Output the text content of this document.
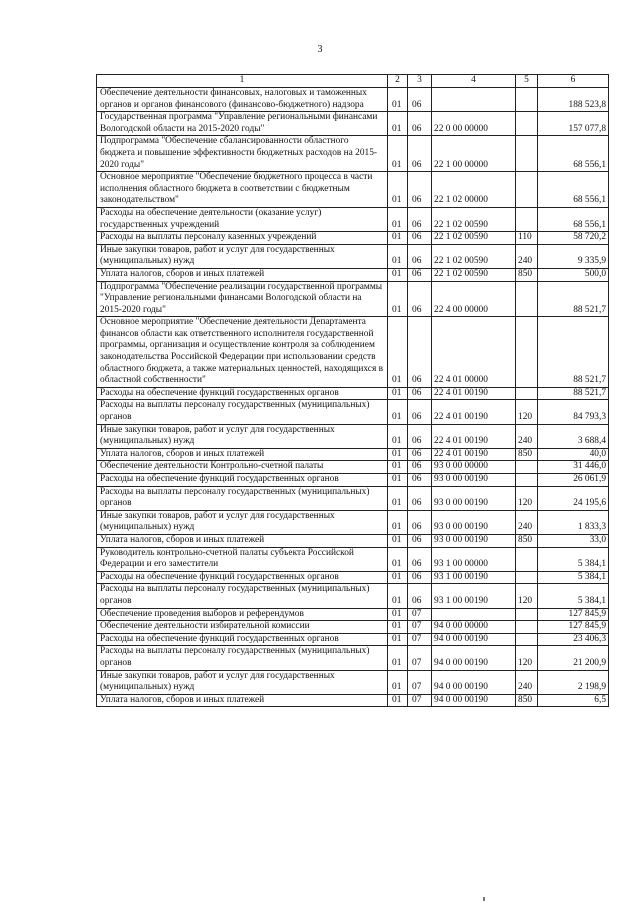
3
1	2	3	4	5	6
Обеспечение деятельности финансовых, налоговых и таможенных органов и органов финансового (финансово-бюджетного) надзора	01	06			188 523,8
Государственная программа "Управление региональными финансами Вологодской области на 2015-2020 годы"	01	06	22 0 00 00000		157 077,8
Подпрограмма "Обеспечение сбалансированности областного бюджета и повышение эффективности бюджетных расходов на 2015-2020 годы"	01	06	22 1 00 00000		68 556,1
Основное мероприятие "Обеспечение бюджетного процесса в части исполнения областного бюджета в соответствии с бюджетным законодательством"	01	06	22 1 02 00000		68 556,1
Расходы на обеспечение деятельности (оказание услуг) государственных учреждений	01	06	22 1 02 00590		68 556,1
Расходы на выплаты персоналу казенных учреждений	01	06	22 1 02 00590	110	58 720,2
Иные закупки товаров, работ и услуг для государственных (муниципальных) нужд	01	06	22 1 02 00590	240	9 335,9
Уплата налогов, сборов и иных платежей	01	06	22 1 02 00590	850	500,0
Подпрограмма "Обеспечение реализации государственной программы "Управление региональными финансами Вологодской области на 2015-2020 годы"	01	06	22 4 00 00000		88 521,7
Основное мероприятие "Обеспечение деятельности Департамента финансов области как ответственного исполнителя государственной программы, организация и осуществление контроля за соблюдением законодательства Российской Федерации при использовании средств областного бюджета, а также материальных ценностей, находящихся в областной собственности"	01	06	22 4 01 00000		88 521,7
Расходы на обеспечение функций государственных органов	01	06	22 4 01 00190		88 521,7
Расходы на выплаты персоналу государственных (муниципальных) органов	01	06	22 4 01 00190	120	84 793,3
Иные закупки товаров, работ и услуг для государственных (муниципальных) нужд	01	06	22 4 01 00190	240	3 688,4
Уплата налогов, сборов и иных платежей	01	06	22 4 01 00190	850	40,0
Обеспечение деятельности Контрольно-счетной палаты	01	06	93 0 00 00000		31 446,0
Расходы на обеспечение функций государственных органов	01	06	93 0 00 00190		26 061,9
Расходы на выплаты персоналу государственных (муниципальных) органов	01	06	93 0 00 00190	120	24 195,6
Иные закупки товаров, работ и услуг для государственных (муниципальных) нужд	01	06	93 0 00 00190	240	1 833,3
Уплата налогов, сборов и иных платежей	01	06	93 0 00 00190	850	33,0
Руководитель контрольно-счетной палаты субъекта Российской Федерации и его заместители	01	06	93 1 00 00000		5 384,1
Расходы на обеспечение функций государственных органов	01	06	93 1 00 00190		5 384,1
Расходы на выплаты персоналу государственных (муниципальных) органов	01	06	93 1 00 00190	120	5 384,1
Обеспечение проведения выборов и референдумов	01	07			127 845,9
Обеспечение деятельности избирательной комиссии	01	07	94 0 00 00000		127 845,9
Расходы на обеспечение функций государственных органов	01	07	94 0 00 00190		23 406,3
Расходы на выплаты персоналу государственных (муниципальных) органов	01	07	94 0 00 00190	120	21 200,9
Иные закупки товаров, работ и услуг для государственных (муниципальных) нужд	01	07	94 0 00 00190	240	2 198,9
Уплата налогов, сборов и иных платежей	01	07	94 0 00 00190	850	6,5
